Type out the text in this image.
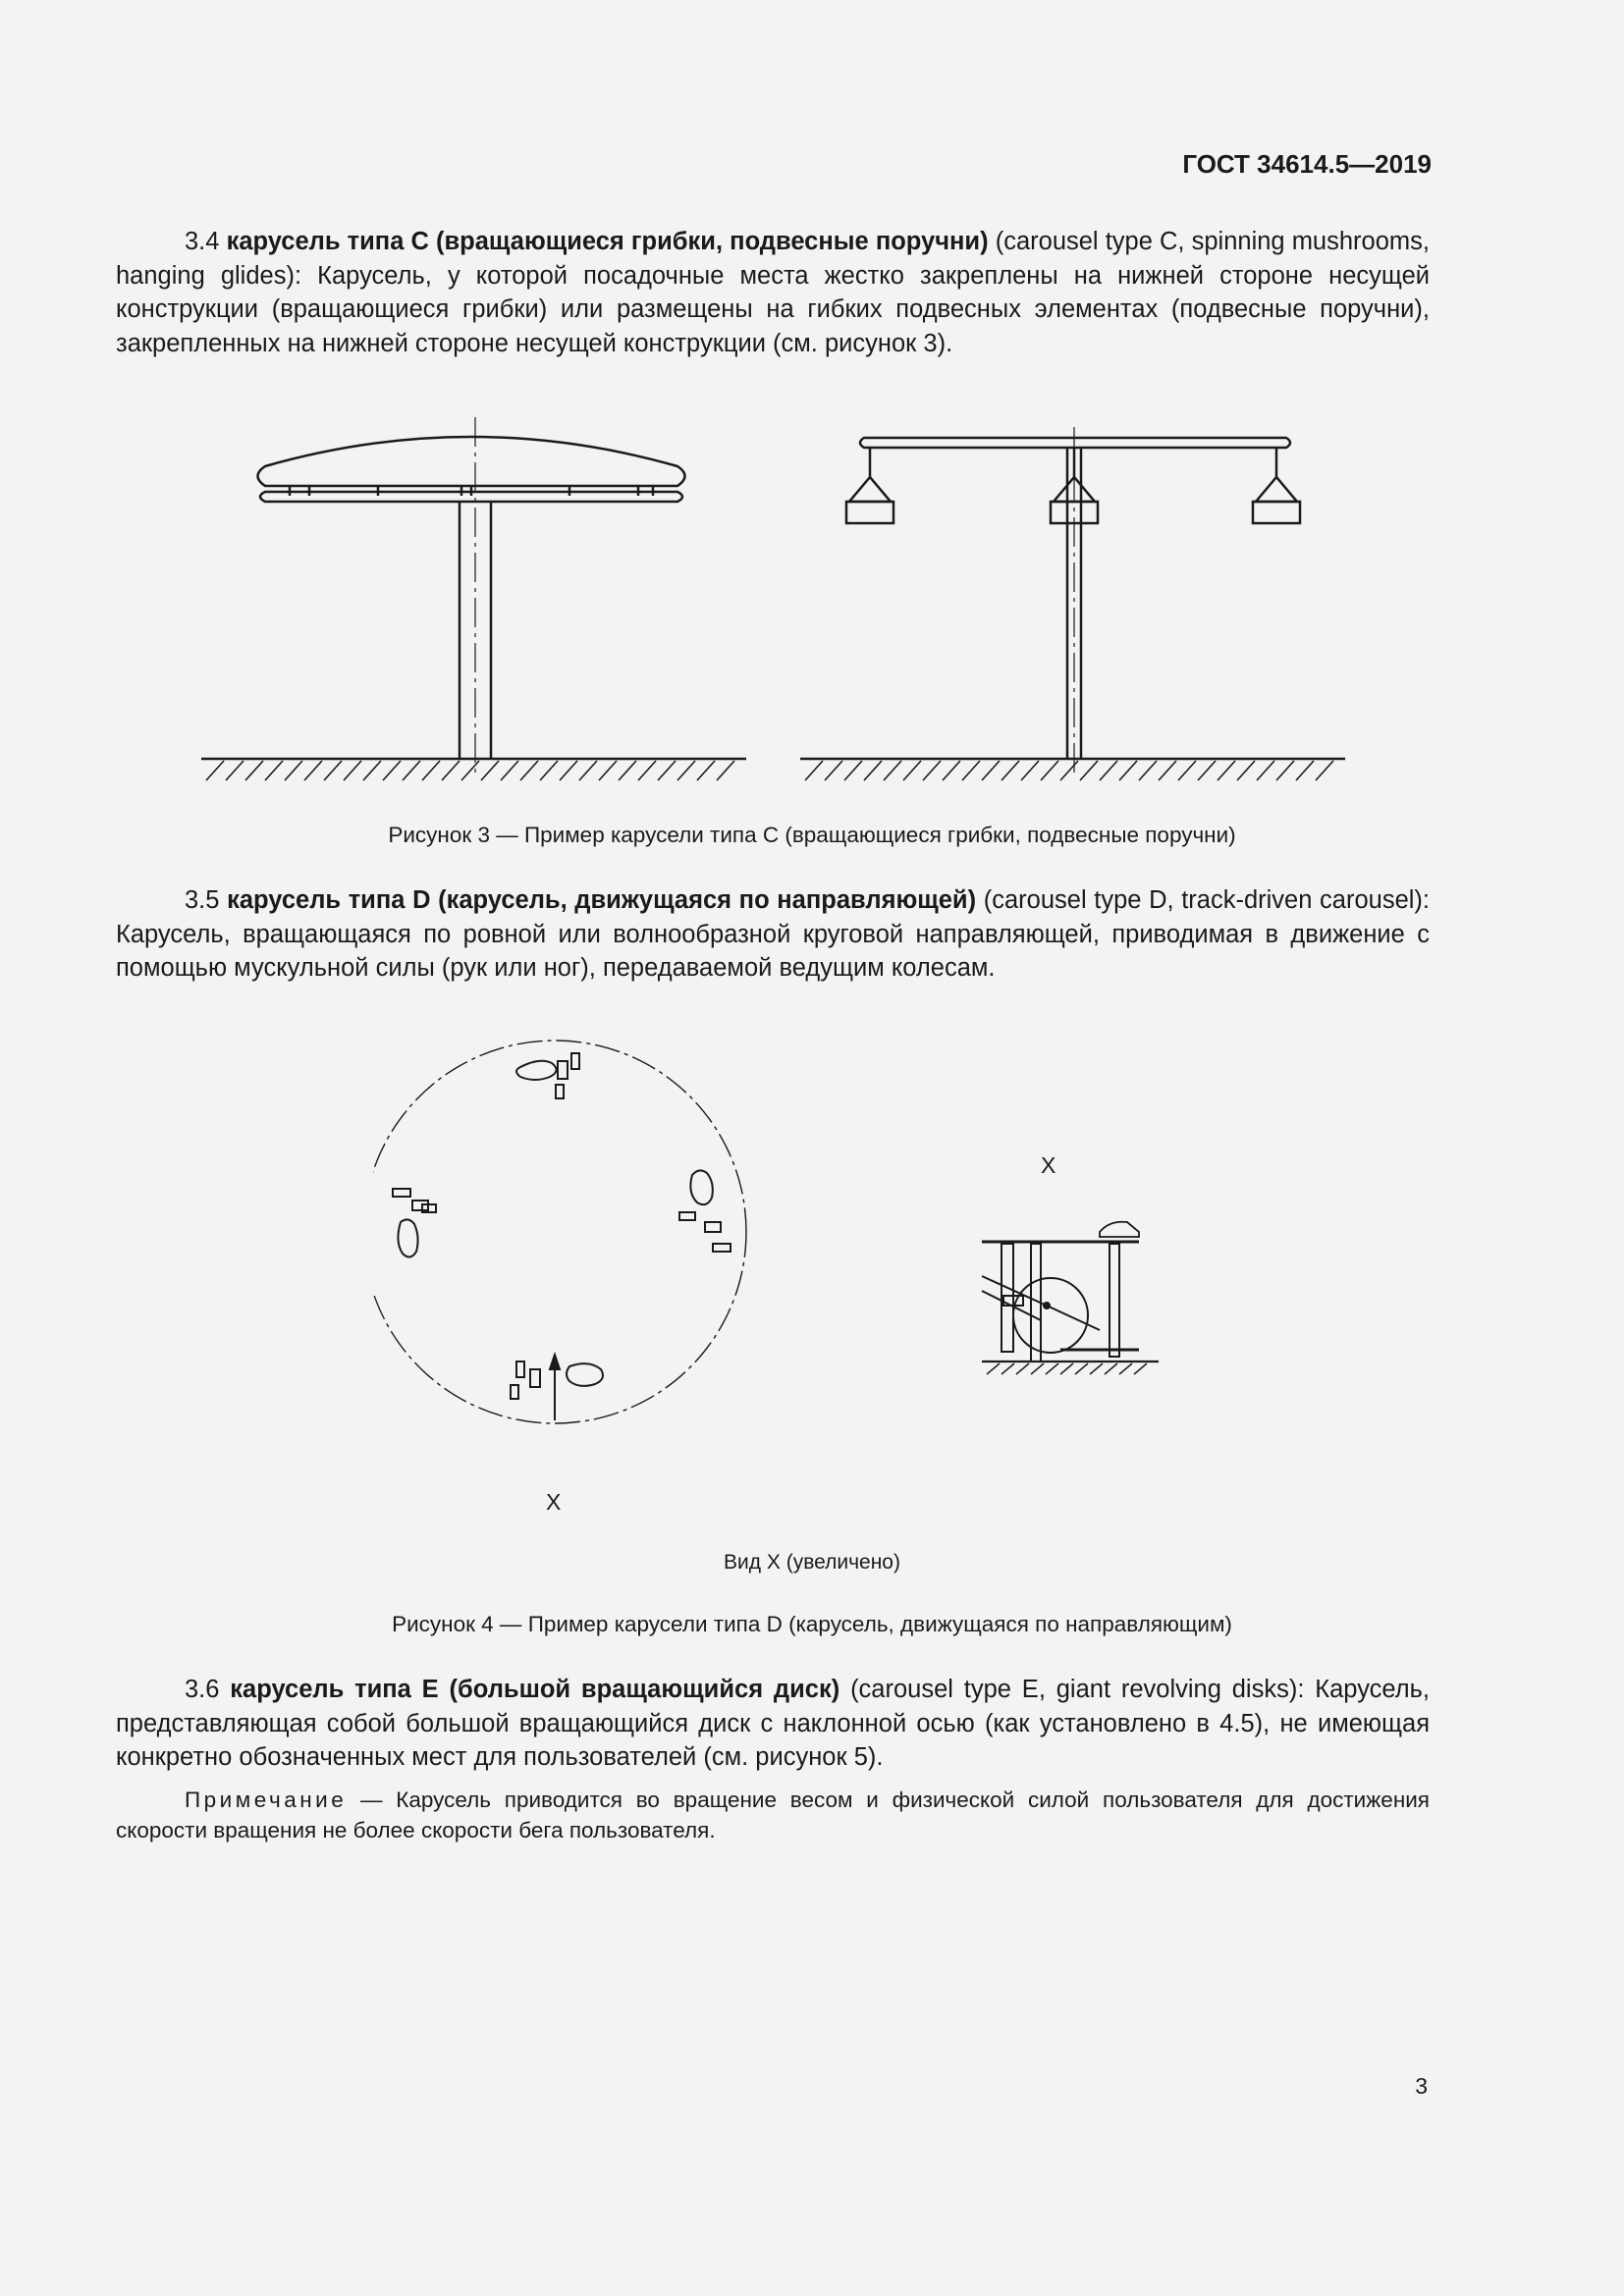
ГОСТ 34614.5—2019
3.4 карусель типа С (вращающиеся грибки, подвесные поручни) (carousel type С, spinning mushrooms, hanging glides): Карусель, у которой посадочные места жестко закреплены на нижней стороне несущей конструкции (вращающиеся грибки) или размещены на гибких подвесных элементах (подвесные поручни), закрепленных на нижней стороне несущей конструкции (см. рисунок 3).
Рисунок 3 — Пример карусели типа С (вращающиеся грибки, подвесные поручни)
3.5 карусель типа D (карусель, движущаяся по направляющей) (carousel type D, track-driven carousel): Карусель, вращающаяся по ровной или волнообразной круговой направляющей, приводимая в движение с помощью мускульной силы (рук или ног), передаваемой ведущим колесам.
X
X
Вид X (увеличено)
Рисунок 4 — Пример карусели типа D (карусель, движущаяся по направляющим)
3.6 карусель типа Е (большой вращающийся диск) (carousel type E, giant revolving disks): Карусель, представляющая собой большой вращающийся диск с наклонной осью (как установлено в 4.5), не имеющая конкретно обозначенных мест для пользователей (см. рисунок 5).
Примечание — Карусель приводится во вращение весом и физической силой пользователя для достижения скорости вращения не более скорости бега пользователя.
3
